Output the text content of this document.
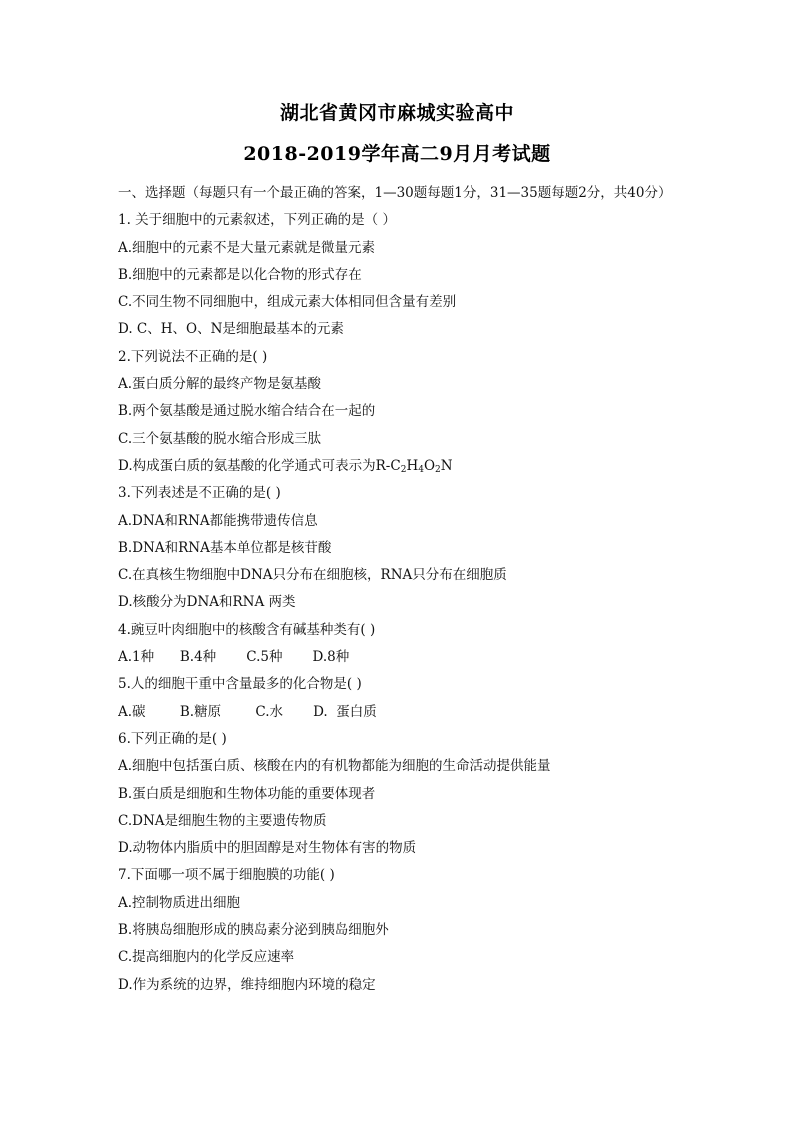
湖北省黄冈市麻城实验高中
2018-2019学年高二9月月考试题
一、选择题（每题只有一个最正确的答案，1—30题每题1分，31—35题每题2分，共40分）
1. 关于细胞中的元素叙述，下列正确的是（ ）
A.细胞中的元素不是大量元素就是微量元素
B.细胞中的元素都是以化合物的形式存在
C.不同生物不同细胞中，组成元素大体相同但含量有差别
D. C、H、O、N是细胞最基本的元素
2.下列说法不正确的是( )
A.蛋白质分解的最终产物是氨基酸
B.两个氨基酸是通过脱水缩合结合在一起的
C.三个氨基酸的脱水缩合形成三肽
D.构成蛋白质的氨基酸的化学通式可表示为$R-C_2H_4O_2N$
3.下列表述是不正确的是( )
A.DNA和RNA都能携带遗传信息
B.DNA和RNA基本单位都是核苷酸
C.在真核生物细胞中DNA只分布在细胞核，RNA只分布在细胞质
D.核酸分为DNA和RNA 两类
4.豌豆叶肉细胞中的核酸含有碱基种类有( )
A.1种      B.4种       C.5种       D.8种
5.人的细胞干重中含量最多的化合物是( )
A.碳        B.糖原        C.水       D.  蛋白质
6.下列正确的是( )
A.细胞中包括蛋白质、核酸在内的有机物都能为细胞的生命活动提供能量
B.蛋白质是细胞和生物体功能的重要体现者
C.DNA是细胞生物的主要遗传物质
D.动物体内脂质中的胆固醇是对生物体有害的物质
7.下面哪一项不属于细胞膜的功能( )
A.控制物质进出细胞
B.将胰岛细胞形成的胰岛素分泌到胰岛细胞外
C.提高细胞内的化学反应速率
D.作为系统的边界，维持细胞内环境的稳定
